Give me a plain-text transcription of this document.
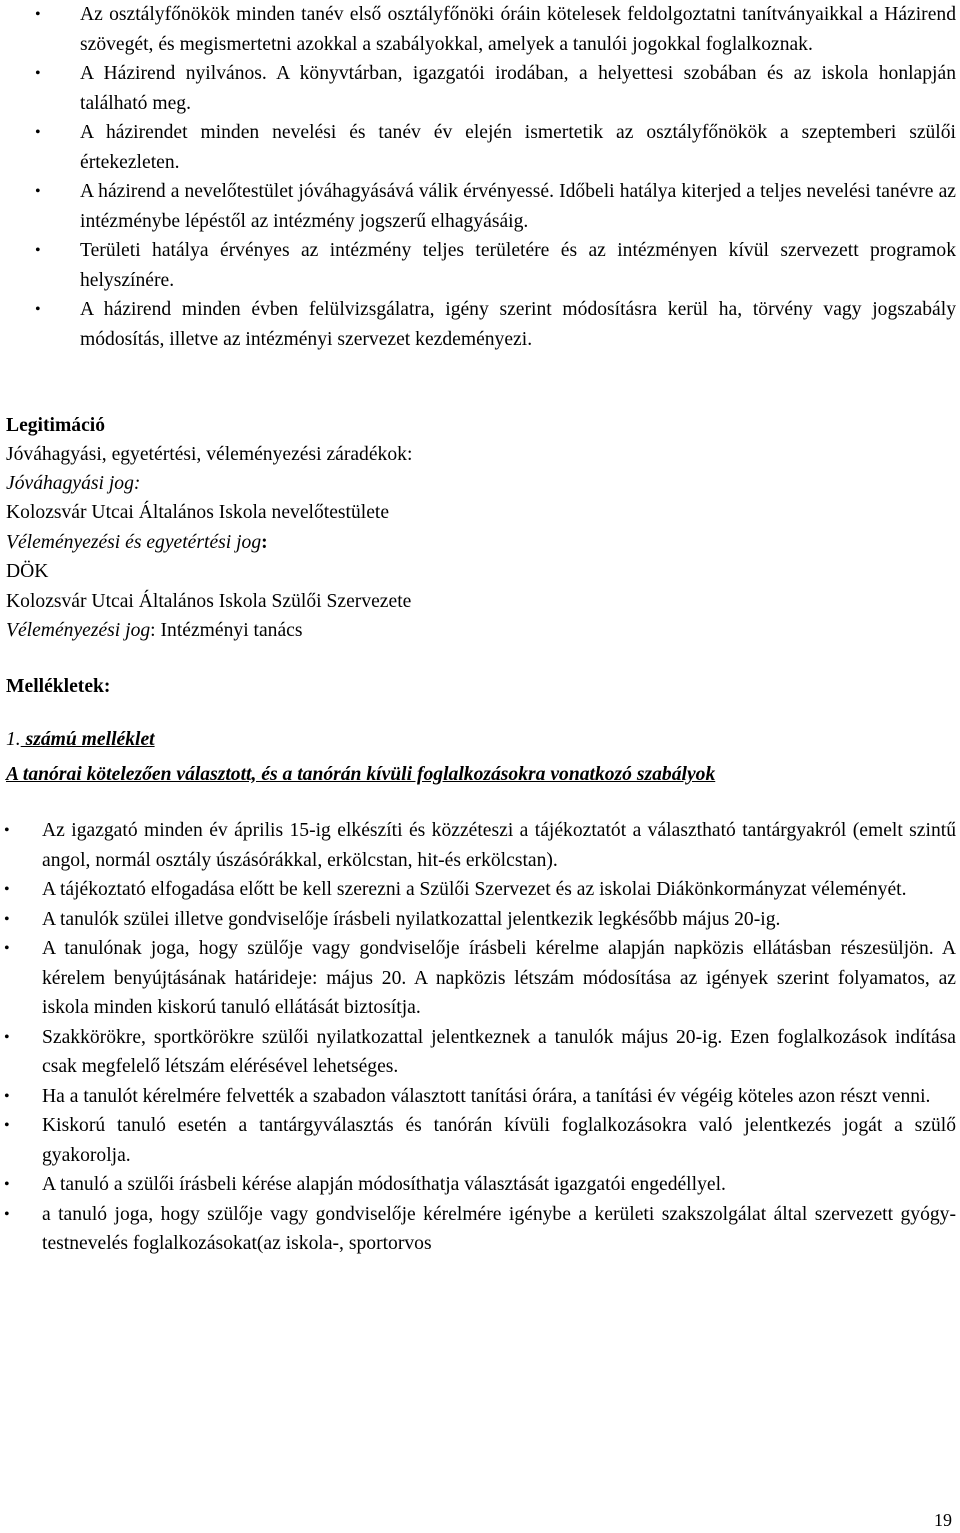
• Az osztályfőnökök minden tanév első osztályfőnöki óráin kötelesek feldolgoztatni tanítványaikkal a Házirend szövegét, és megismertetni azokkal a szabályokkal, amelyek a tanulói jogokkal foglalkoznak.
• A Házirend nyilvános. A könyvtárban, igazgatói irodában, a helyettesi szobában és az iskola honlapján található meg.
• A házirendet minden nevelési és tanév év elején ismertetik az osztályfőnökök a szeptemberi szülői értekezleten.
• A házirend a nevelőtestület jóváhagyásává válik érvényessé. Időbeli hatálya kiterjed a teljes nevelési tanévre az intézménybe lépéstől az intézmény jogszerű elhagyásáig.
• Területi hatálya érvényes az intézmény teljes területére és az intézményen kívül szervezett programok helyszínére.
• A házirend minden évben felülvizsgálatra, igény szerint módosításra kerül ha, törvény vagy jogszabály módosítás, illetve az intézményi szervezet kezdeményezi.
Legitimáció
Jóváhagyási, egyetértési, véleményezési záradékok:
Jóváhagyási jog:
Kolozsvár Utcai Általános Iskola nevelőtestülete
Véleményezési és egyetértési jog:
DÖK
Kolozsvár Utcai Általános Iskola Szülői Szervezete
Véleményezési jog: Intézményi tanács
Mellékletek:
1. számú melléklet
A tanórai kötelezően választott, és a tanórán kívüli foglalkozásokra vonatkozó szabályok
• Az igazgató minden év április 15-ig elkészíti és közzéteszi a tájékoztatót a választható tantárgyakról (emelt szintű angol, normál osztály úszásórákkal, erkölcstan, hit-és erkölcstan).
• A tájékoztató elfogadása előtt be kell szerezni a Szülői Szervezet és az iskolai Diákönkormányzat véleményét.
• A tanulók szülei illetve gondviselője írásbeli nyilatkozattal jelentkezik legkésőbb május 20-ig.
• A tanulónak joga, hogy szülője vagy gondviselője írásbeli kérelme alapján napközis ellátásban részesüljön. A kérelem benyújtásának határideje: május 20. A napközis létszám módosítása az igények szerint folyamatos, az iskola minden kiskorú tanuló ellátását biztosítja.
• Szakkörökre, sportkörökre szülői nyilatkozattal jelentkeznek a tanulók május 20-ig. Ezen foglalkozások indítása csak megfelelő létszám elérésével lehetséges.
• Ha a tanulót kérelmére felvették a szabadon választott tanítási órára, a tanítási év végéig köteles azon részt venni.
• Kiskorú tanuló esetén a tantárgyválasztás és tanórán kívüli foglalkozásokra való jelentkezés jogát a szülő gyakorolja.
• A tanuló a szülői írásbeli kérése alapján módosíthatja választását igazgatói engedéllyel.
• a tanuló joga, hogy szülője vagy gondviselője kérelmére igénybe a kerületi szakszolgálat által szervezett gyógy-testnevelés foglalkozásokat(az iskola-, sportorvos
19
